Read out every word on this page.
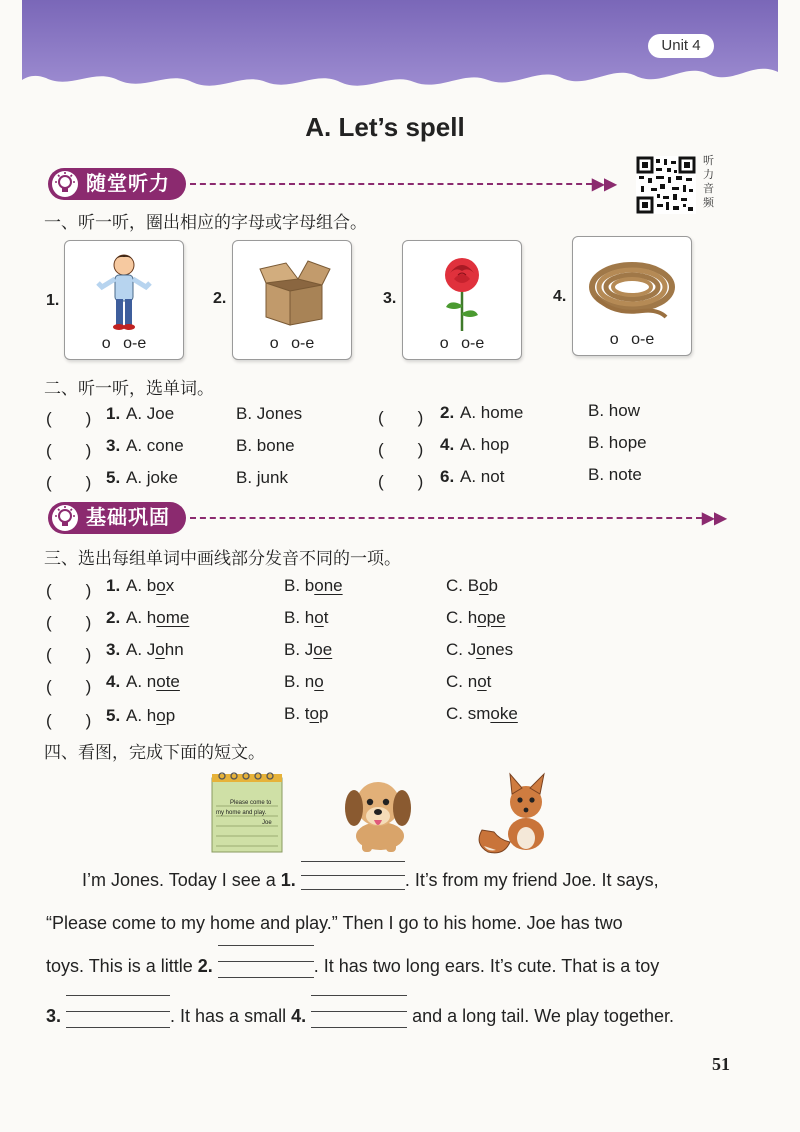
Unit 4
A. Let’s spell
随堂听力	▶▶
听力音频
一、听一听，圈出相应的字母或字母组合。
1.
o o-e
2.
o o-e
3.
o o-e
4.
o o-e
二、听一听，选单词。
(　　) 1. A. Joe	B. Jones	(　　) 2. A. home	B. how
(　　) 3. A. cone	B. bone	(　　) 4. A. hop	B. hope
(　　) 5. A. joke	B. junk	(　　) 6. A. not	B. note
基础巩固	▶▶
三、选出每组单词中画线部分发音不同的一项。
(　　) 1. A. box	B. bone	C. Bob
(　　) 2. A. home	B. hot	C. hope
(　　) 3. A. John	B. Joe	C. Jones
(　　) 4. A. note	B. no	C. not
(　　) 5. A. hop	B. top	C. smoke
四、看图，完成下面的短文。
Please come to
my home and play.
Joe
I’m Jones. Today I see a 1.	. It’s from my friend Joe. It says,
“Please come to my home and play.” Then I go to his home. Joe has two
toys. This is a little 2.	. It has two long ears. It’s cute. That is a toy
3.	. It has a small 4.	and a long tail. We play together.
51
